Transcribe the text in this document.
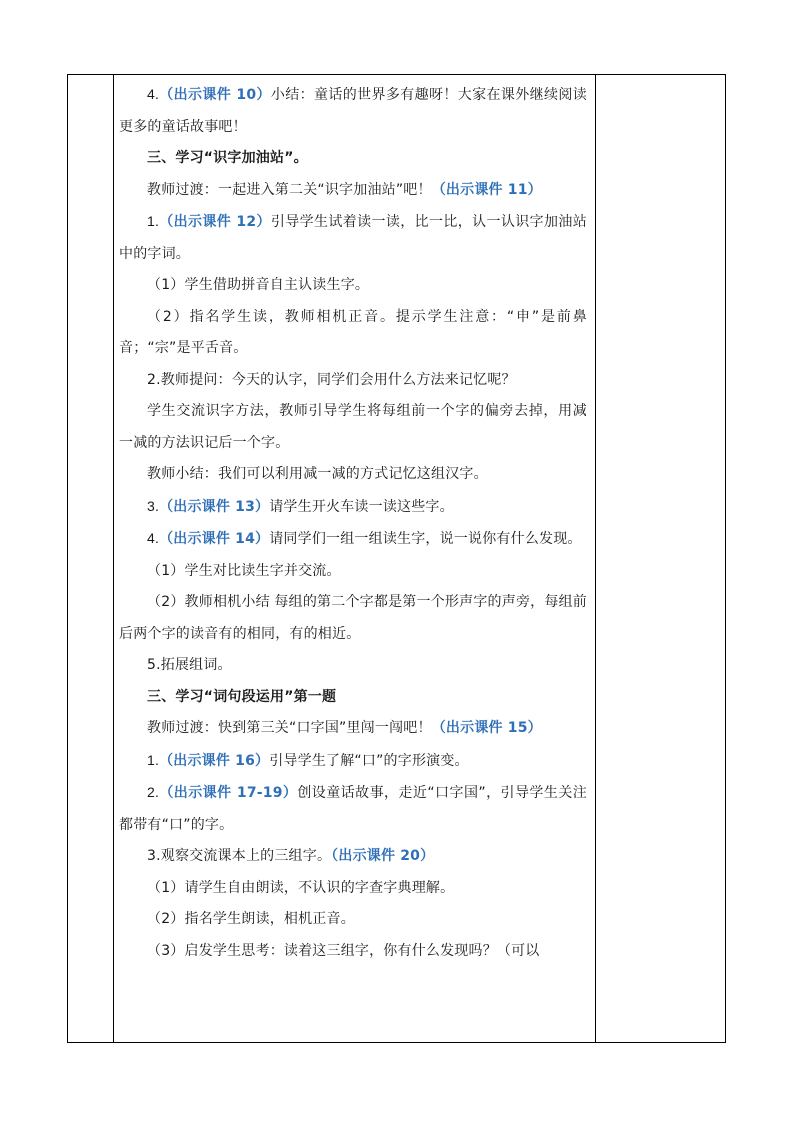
4.（出示课件 10）小结：童话的世界多有趣呀！大家在课外继续阅读更多的童话故事吧！
三、学习“识字加油站”。
教师过渡：一起进入第二关“识字加油站”吧！（出示课件 11）
1.（出示课件 12）引导学生试着读一读，比一比，认一认识字加油站中的字词。
（1）学生借助拼音自主认读生字。
（2）指名学生读，教师相机正音。提示学生注意：“申”是前鼻音；“宗”是平舌音。
2.教师提问：今天的认字，同学们会用什么方法来记忆呢？
学生交流识字方法，教师引导学生将每组前一个字的偏旁去掉，用减一减的方法识记后一个字。
教师小结：我们可以利用减一减的方式记忆这组汉字。
3.（出示课件 13）请学生开火车读一读这些字。
4.（出示课件 14）请同学们一组一组读生字，说一说你有什么发现。
（1）学生对比读生字并交流。
（2）教师相机小结 每组的第二个字都是第一个形声字的声旁，每组前后两个字的读音有的相同，有的相近。
5.拓展组词。
三、学习“词句段运用”第一题
教师过渡：快到第三关“口字国”里闯一闯吧！（出示课件 15）
1.（出示课件 16）引导学生了解“口”的字形演变。
2.（出示课件 17-19）创设童话故事，走近“口字国”，引导学生关注都带有“口”的字。
3.观察交流课本上的三组字。（出示课件 20）
（1）请学生自由朗读，不认识的字查字典理解。
（2）指名学生朗读，相机正音。
（3）启发学生思考：读着这三组字，你有什么发现吗？（可以
